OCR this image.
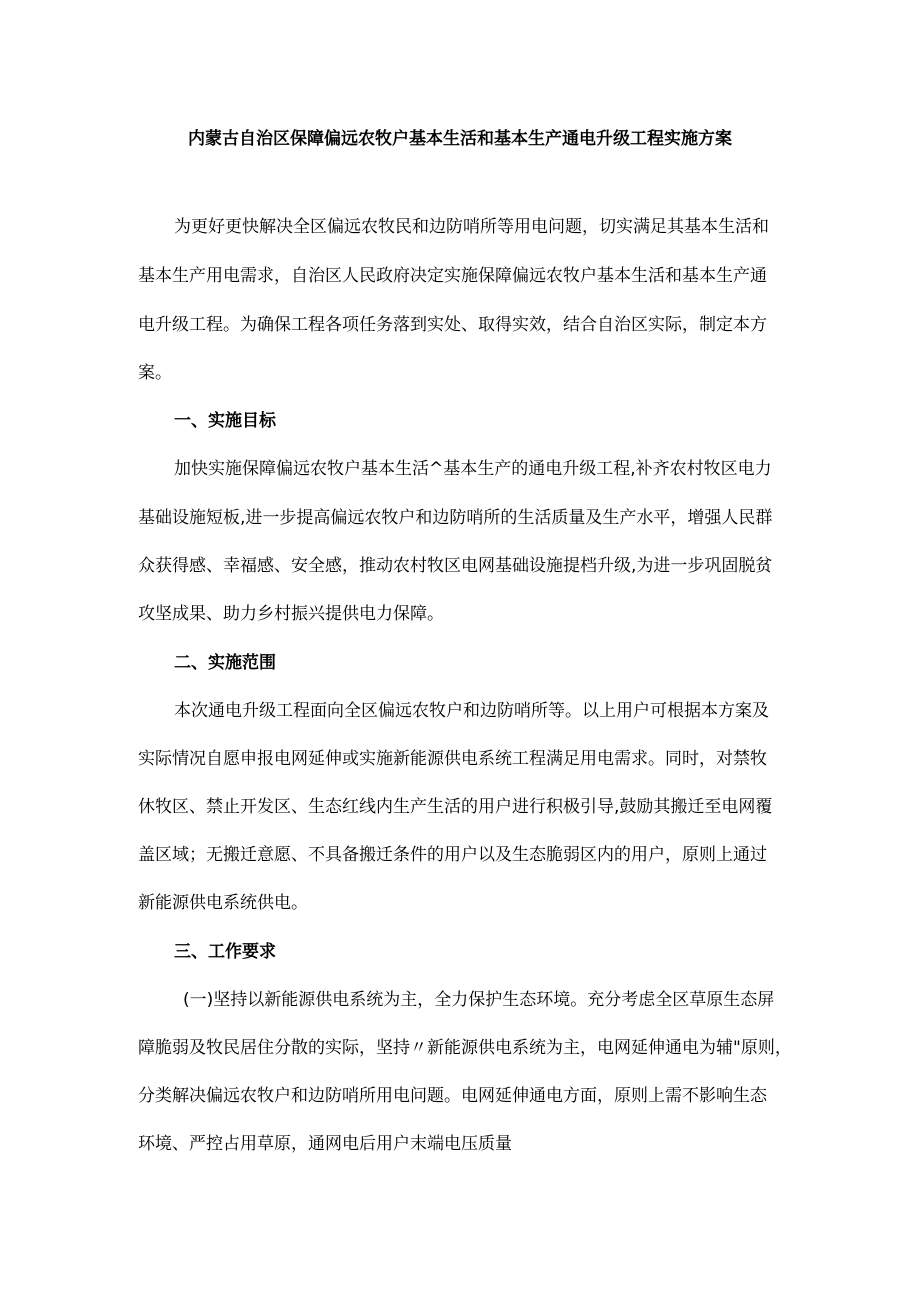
内蒙古自治区保障偏远农牧户基本生活和基本生产通电升级工程实施方案
为更好更快解决全区偏远农牧民和边防哨所等用电问题，切实满足其基本生活和
基本生产用电需求，自治区人民政府决定实施保障偏远农牧户基本生活和基本生产通
电升级工程。为确保工程各项任务落到实处、取得实效，结合自治区实际，制定本方
案。
一、实施目标
加快实施保障偏远农牧户基本生活^基本生产的通电升级工程,补齐农村牧区电力
基础设施短板,进一步提高偏远农牧户和边防哨所的生活质量及生产水平，增强人民群
众获得感、幸福感、安全感，推动农村牧区电网基础设施提档升级,为进一步巩固脱贫
攻坚成果、助力乡村振兴提供电力保障。
二、实施范围
本次通电升级工程面向全区偏远农牧户和边防哨所等。以上用户可根据本方案及
实际情况自愿申报电网延伸或实施新能源供电系统工程满足用电需求。同时，对禁牧
休牧区、禁止开发区、生态红线内生产生活的用户进行积极引导,鼓励其搬迁至电网覆
盖区域；无搬迁意愿、不具备搬迁条件的用户以及生态脆弱区内的用户，原则上通过
新能源供电系统供电。
三、工作要求
(一)坚持以新能源供电系统为主，全力保护生态环境。充分考虑全区草原生态屏
障脆弱及牧民居住分散的实际，坚持〃新能源供电系统为主，电网延伸通电为辅"原则，
分类解决偏远农牧户和边防哨所用电问题。电网延伸通电方面，原则上需不影响生态
环境、严控占用草原，通网电后用户末端电压质量
